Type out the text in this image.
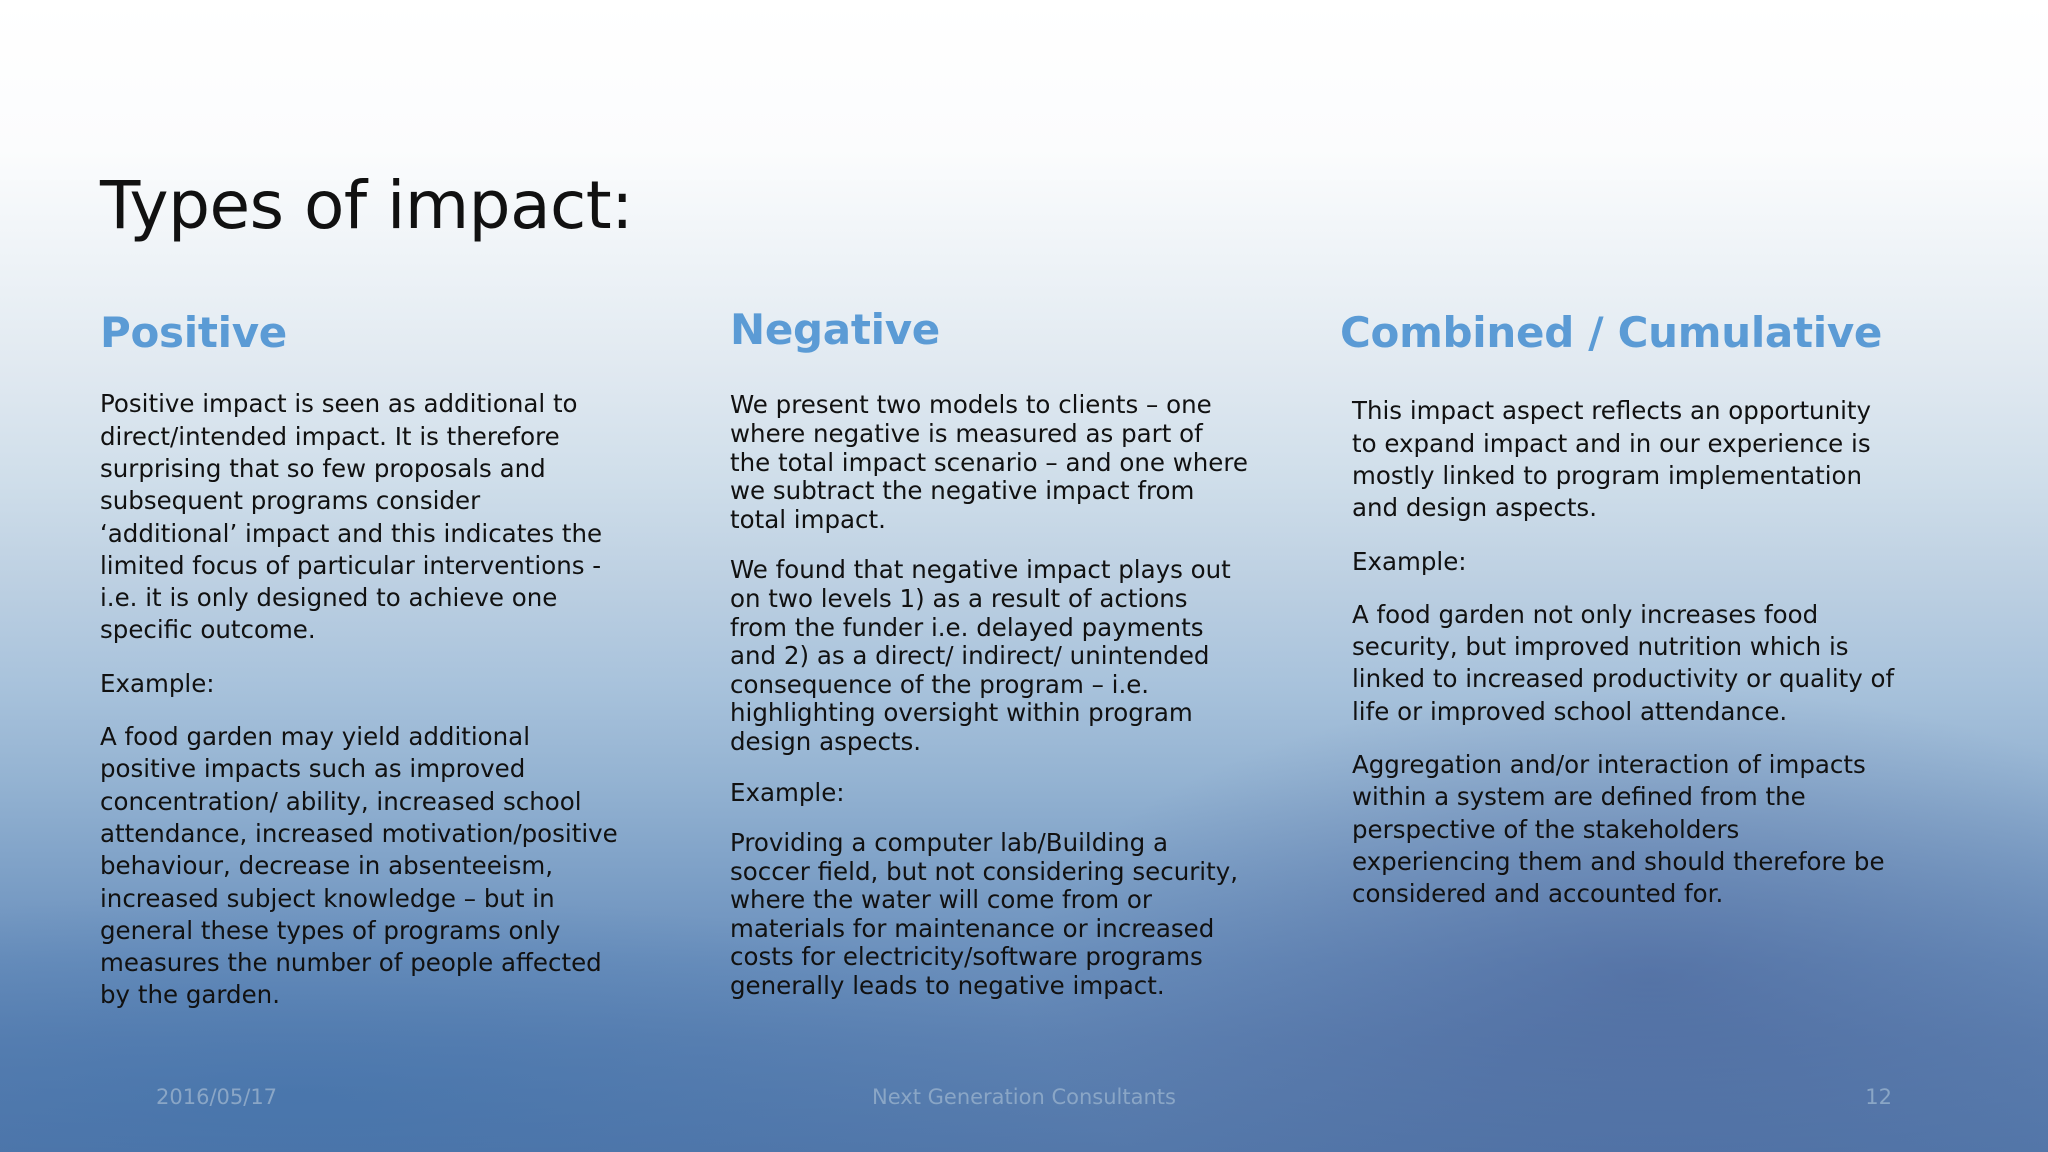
Types of impact:
Positive

Positive impact is seen as additional to direct/intended impact. It is therefore surprising that so few proposals and subsequent programs consider ‘additional’ impact and this indicates the limited focus of particular interventions - i.e. it is only designed to achieve one specific outcome.

Example:

A food garden may yield additional positive impacts such as improved concentration/ ability, increased school attendance, increased motivation/positive behaviour, decrease in absenteeism, increased subject knowledge – but in general these types of programs only measures the number of people affected by the garden.

Negative

We present two models to clients – one where negative is measured as part of the total impact scenario – and one where we subtract the negative impact from total impact.

We found that negative impact plays out on two levels 1) as a result of actions from the funder i.e. delayed payments and 2) as a direct/ indirect/ unintended consequence of the program – i.e. highlighting oversight within program design aspects.

Example:

Providing a computer lab/Building a soccer field, but not considering security, where the water will come from or materials for maintenance or increased costs for electricity/software programs generally leads to negative impact.

Combined / Cumulative

This impact aspect reflects an opportunity to expand impact and in our experience is mostly linked to program implementation and design aspects.

Example:

A food garden not only increases food security, but improved nutrition which is linked to increased productivity or quality of life or improved school attendance.

Aggregation and/or interaction of impacts within a system are defined from the perspective of the stakeholders experiencing them and should therefore be considered and accounted for.

2016/05/17	Next Generation Consultants	12
